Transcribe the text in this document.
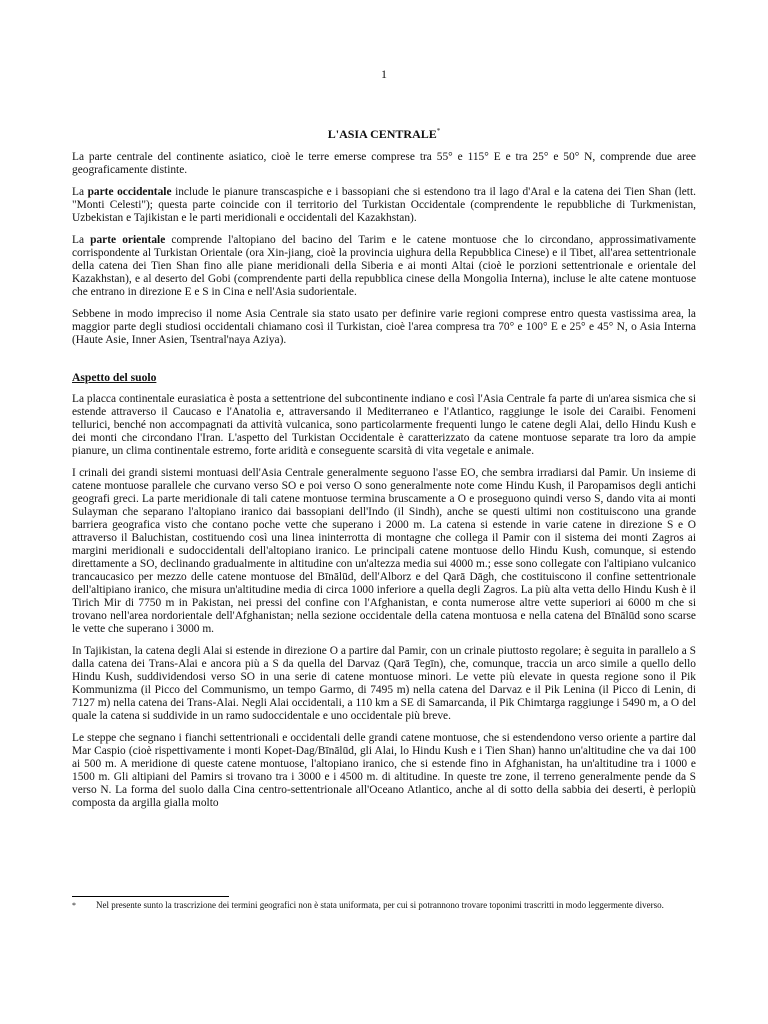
1
L'ASIA CENTRALE*

La parte centrale del continente asiatico, cioè le terre emerse comprese tra 55° e 115° E e tra 25° e 50° N, comprende due aree geograficamente distinte.

La parte occidentale include le pianure transcaspiche e i bassopiani che si estendono tra il lago d'Aral e la catena dei Tien Shan (lett. "Monti Celesti"); questa parte coincide con il territorio del Turkistan Occidentale (comprendente le repubbliche di Turkmenistan, Uzbekistan e Tajikistan e le parti meridionali e occidentali del Kazakhstan).

La parte orientale comprende l'altopiano del bacino del Tarim e le catene montuose che lo circondano, approssimativamente corrispondente al Turkistan Orientale (ora Xin-jiang, cioè la provincia uighura della Repubblica Cinese) e il Tibet, all'area settentrionale della catena dei Tien Shan fino alle piane meridionali della Siberia e ai monti Altai (cioè le porzioni settentrionale e orientale del Kazakhstan), e al deserto del Gobi (comprendente parti della repubblica cinese della Mongolia Interna), incluse le alte catene montuose che entrano in direzione E e S in Cina e nell'Asia sudorientale.

Sebbene in modo impreciso il nome Asia Centrale sia stato usato per definire varie regioni comprese entro questa vastissima area, la maggior parte degli studiosi occidentali chiamano così il Turkistan, cioè l'area compresa tra 70° e 100° E e 25° e 45° N, o Asia Interna (Haute Asie, Inner Asien, Tsentral'naya Aziya).

Aspetto del suolo

La placca continentale eurasiatica è posta a settentrione del subcontinente indiano e così l'Asia Centrale fa parte di un'area sismica che si estende attraverso il Caucaso e l'Anatolia e, attraversando il Mediterraneo e l'Atlantico, raggiunge le isole dei Caraibi. Fenomeni tellurici, benché non accompagnati da attività vulcanica, sono particolarmente frequenti lungo le catene degli Alai, dello Hindu Kush e dei monti che circondano l'Iran. L'aspetto del Turkistan Occidentale è caratterizzato da catene montuose separate tra loro da ampie pianure, un clima continentale estremo, forte aridità e conseguente scarsità di vita vegetale e animale.

I crinali dei grandi sistemi montuasi dell'Asia Centrale generalmente seguono l'asse EO, che sembra irradiarsi dal Pamir. Un insieme di catene montuose parallele che curvano verso SO e poi verso O sono generalmente note come Hindu Kush, il Paropamisos degli antichi geografi greci. La parte meridionale di tali catene montuose termina bruscamente a O e proseguono quindi verso S, dando vita ai monti Sulayman che separano l'altopiano iranico dai bassopiani dell'Indo (il Sindh), anche se questi ultimi non costituiscono una grande barriera geografica visto che contano poche vette che superano i 2000 m. La catena si estende in varie catene in direzione S e O attraverso il Baluchistan, costituendo così una linea ininterrotta di montagne che collega il Pamir con il sistema dei monti Zagros ai margini meridionali e sudoccidentali dell'altopiano iranico. Le principali catene montuose dello Hindu Kush, comunque, si estendo direttamente a SO, declinando gradualmente in altitudine con un'altezza media sui 4000 m.; esse sono collegate con l'altipiano vulcanico trancaucasico per mezzo delle catene montuose del Bīnālūd, dell'Alborz e del Qarā Dāgh, che costituiscono il confine settentrionale dell'altipiano iranico, che misura un'altitudine media di circa 1000 inferiore a quella degli Zagros. La più alta vetta dello Hindu Kush è il Tirich Mir di 7750 m in Pakistan, nei pressi del confine con l'Afghanistan, e conta numerose altre vette superiori ai 6000 m che si trovano nell'area nordorientale dell'Afghanistan; nella sezione occidentale della catena montuosa e nella catena del Bīnālūd sono scarse le vette che superano i 3000 m.

In Tajikistan, la catena degli Alai si estende in direzione O a partire dal Pamir, con un crinale piuttosto regolare; è seguita in parallelo a S dalla catena dei Trans-Alai e ancora più a S da quella del Darvaz (Qarā Tegīn), che, comunque, traccia un arco simile a quello dello Hindu Kush, suddividendosi verso SO in una serie di catene montuose minori. Le vette più elevate in questa regione sono il Pik Kommunizma (il Picco del Communismo, un tempo Garmo, di 7495 m) nella catena del Darvaz e il Pik Lenina (il Picco di Lenin, di 7127 m) nella catena dei Trans-Alai. Negli Alai occidentali, a 110 km a SE di Samarcanda, il Pik Chimtarga raggiunge i 5490 m, a O del quale la catena si suddivide in un ramo sudoccidentale e uno occidentale più breve.

Le steppe che segnano i fianchi settentrionali e occidentali delle grandi catene montuose, che si estendendono verso oriente a partire dal Mar Caspio (cioè rispettivamente i monti Kopet-Dag/Bīnālūd, gli Alai, lo Hindu Kush e i Tien Shan) hanno un'altitudine che va dai 100 ai 500 m. A meridione di queste catene montuose, l'altopiano iranico, che si estende fino in Afghanistan, ha un'altitudine tra i 1000 e 1500 m. Gli altipiani del Pamirs si trovano tra i 3000 e i 4500 m. di altitudine. In queste tre zone, il terreno generalmente pende da S verso N. La forma del suolo dalla Cina centro-settentrionale all'Oceano Atlantico, anche al di sotto della sabbia dei deserti, è perlopiù composta da argilla gialla molto

* Nel presente sunto la trascrizione dei termini geografici non è stata uniformata, per cui si potrannono trovare toponimi trascritti in modo leggermente diverso.
